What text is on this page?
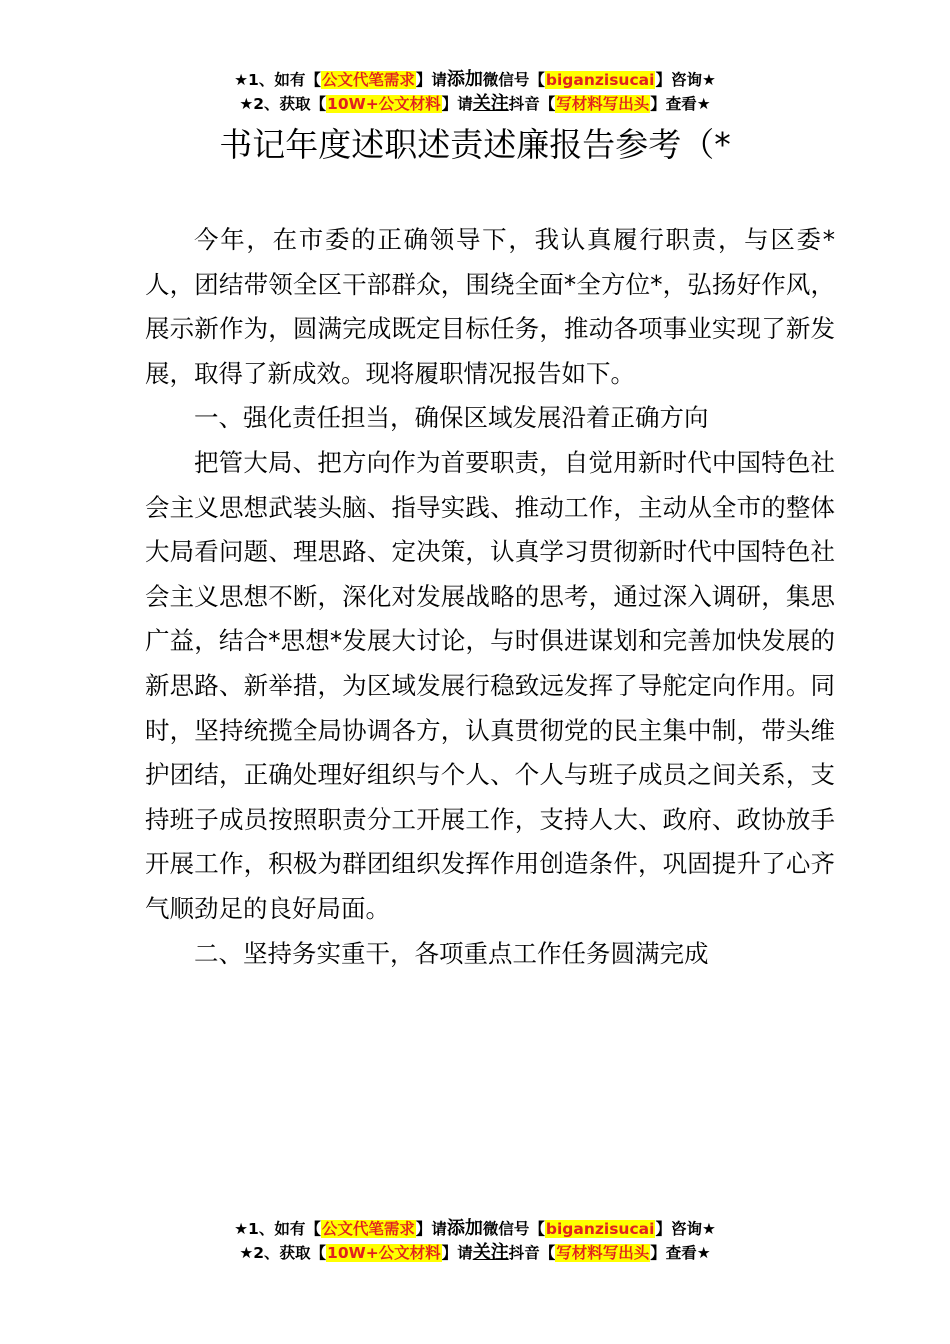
★1、如有【公文代笔需求】请添加微信号【biganzisucai】咨询★
★2、获取【10W+公文材料】请关注抖音【写材料写出头】查看★
书记年度述职述责述廉报告参考（*

今年，在市委的正确领导下，我认真履行职责，与区委*人，团结带领全区干部群众，围绕全面*全方位*，弘扬好作风，展示新作为，圆满完成既定目标任务，推动各项事业实现了新发展，取得了新成效。现将履职情况报告如下。

一、强化责任担当，确保区域发展沿着正确方向

把管大局、把方向作为首要职责，自觉用新时代中国特色社会主义思想武装头脑、指导实践、推动工作，主动从全市的整体大局看问题、理思路、定决策，认真学习贯彻新时代中国特色社会主义思想不断，深化对发展战略的思考，通过深入调研，集思广益，结合*思想*发展大讨论，与时俱进谋划和完善加快发展的新思路、新举措，为区域发展行稳致远发挥了导舵定向作用。同时，坚持统揽全局协调各方，认真贯彻党的民主集中制，带头维护团结，正确处理好组织与个人、个人与班子成员之间关系，支持班子成员按照职责分工开展工作，支持人大、政府、政协放手开展工作，积极为群团组织发挥作用创造条件，巩固提升了心齐气顺劲足的良好局面。

二、坚持务实重干，各项重点工作任务圆满完成

★1、如有【公文代笔需求】请添加微信号【biganzisucai】咨询★
★2、获取【10W+公文材料】请关注抖音【写材料写出头】查看★
